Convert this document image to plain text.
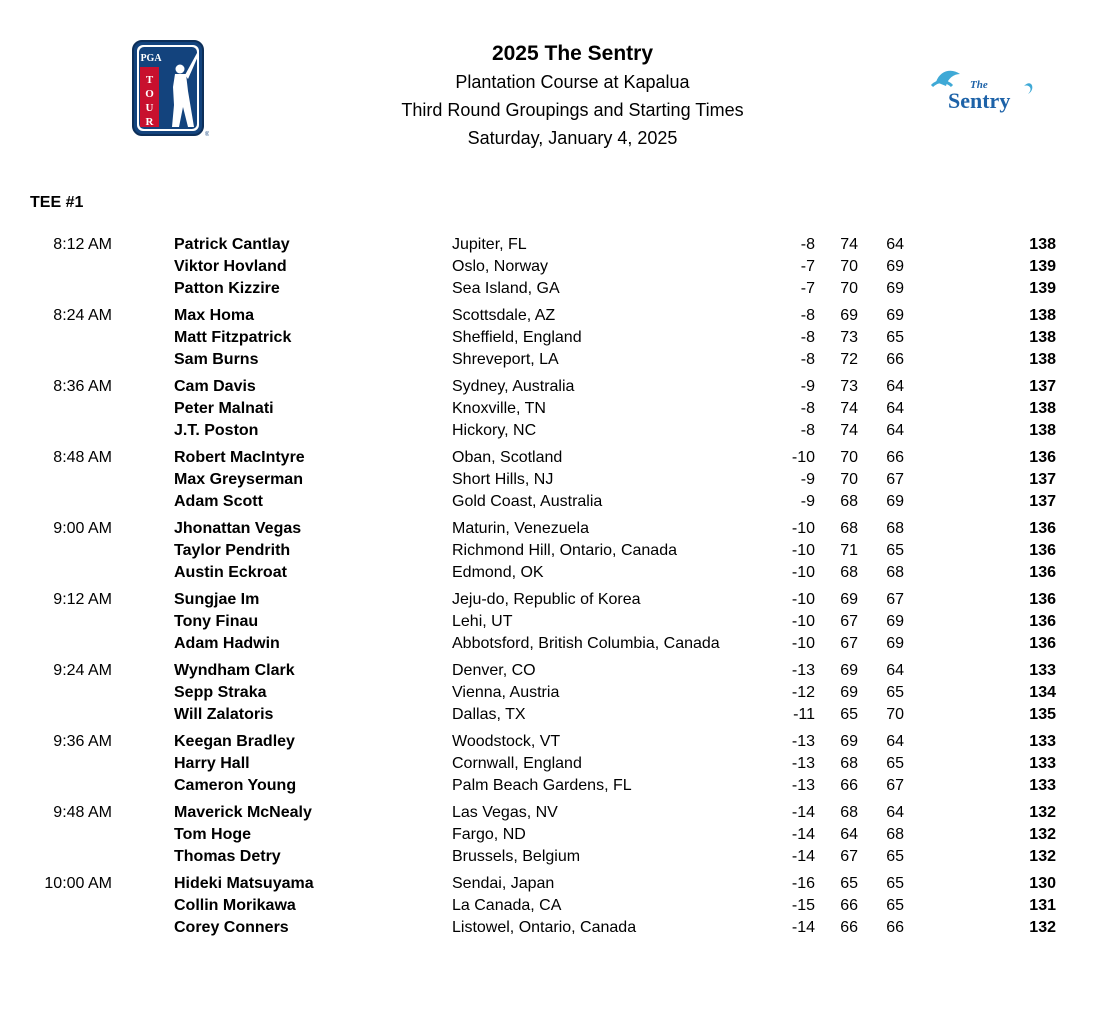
PGA
T
O
U
R
®
2025 The Sentry
Plantation Course at Kapalua
Third Round Groupings and Starting Times
Saturday, January 4, 2025
The
Sentry
TEE #1
8:12 AM	Patrick Cantlay	Jupiter, FL	-8	74	64	138
Viktor Hovland	Oslo, Norway	-7	70	69	139
Patton Kizzire	Sea Island, GA	-7	70	69	139
8:24 AM	Max Homa	Scottsdale, AZ	-8	69	69	138
Matt Fitzpatrick	Sheffield, England	-8	73	65	138
Sam Burns	Shreveport, LA	-8	72	66	138
8:36 AM	Cam Davis	Sydney, Australia	-9	73	64	137
Peter Malnati	Knoxville, TN	-8	74	64	138
J.T. Poston	Hickory, NC	-8	74	64	138
8:48 AM	Robert MacIntyre	Oban, Scotland	-10	70	66	136
Max Greyserman	Short Hills, NJ	-9	70	67	137
Adam Scott	Gold Coast, Australia	-9	68	69	137
9:00 AM	Jhonattan Vegas	Maturin, Venezuela	-10	68	68	136
Taylor Pendrith	Richmond Hill, Ontario, Canada	-10	71	65	136
Austin Eckroat	Edmond, OK	-10	68	68	136
9:12 AM	Sungjae Im	Jeju-do, Republic of Korea	-10	69	67	136
Tony Finau	Lehi, UT	-10	67	69	136
Adam Hadwin	Abbotsford, British Columbia, Canada	-10	67	69	136
9:24 AM	Wyndham Clark	Denver, CO	-13	69	64	133
Sepp Straka	Vienna, Austria	-12	69	65	134
Will Zalatoris	Dallas, TX	-11	65	70	135
9:36 AM	Keegan Bradley	Woodstock, VT	-13	69	64	133
Harry Hall	Cornwall, England	-13	68	65	133
Cameron Young	Palm Beach Gardens, FL	-13	66	67	133
9:48 AM	Maverick McNealy	Las Vegas, NV	-14	68	64	132
Tom Hoge	Fargo, ND	-14	64	68	132
Thomas Detry	Brussels, Belgium	-14	67	65	132
10:00 AM	Hideki Matsuyama	Sendai, Japan	-16	65	65	130
Collin Morikawa	La Canada, CA	-15	66	65	131
Corey Conners	Listowel, Ontario, Canada	-14	66	66	132
